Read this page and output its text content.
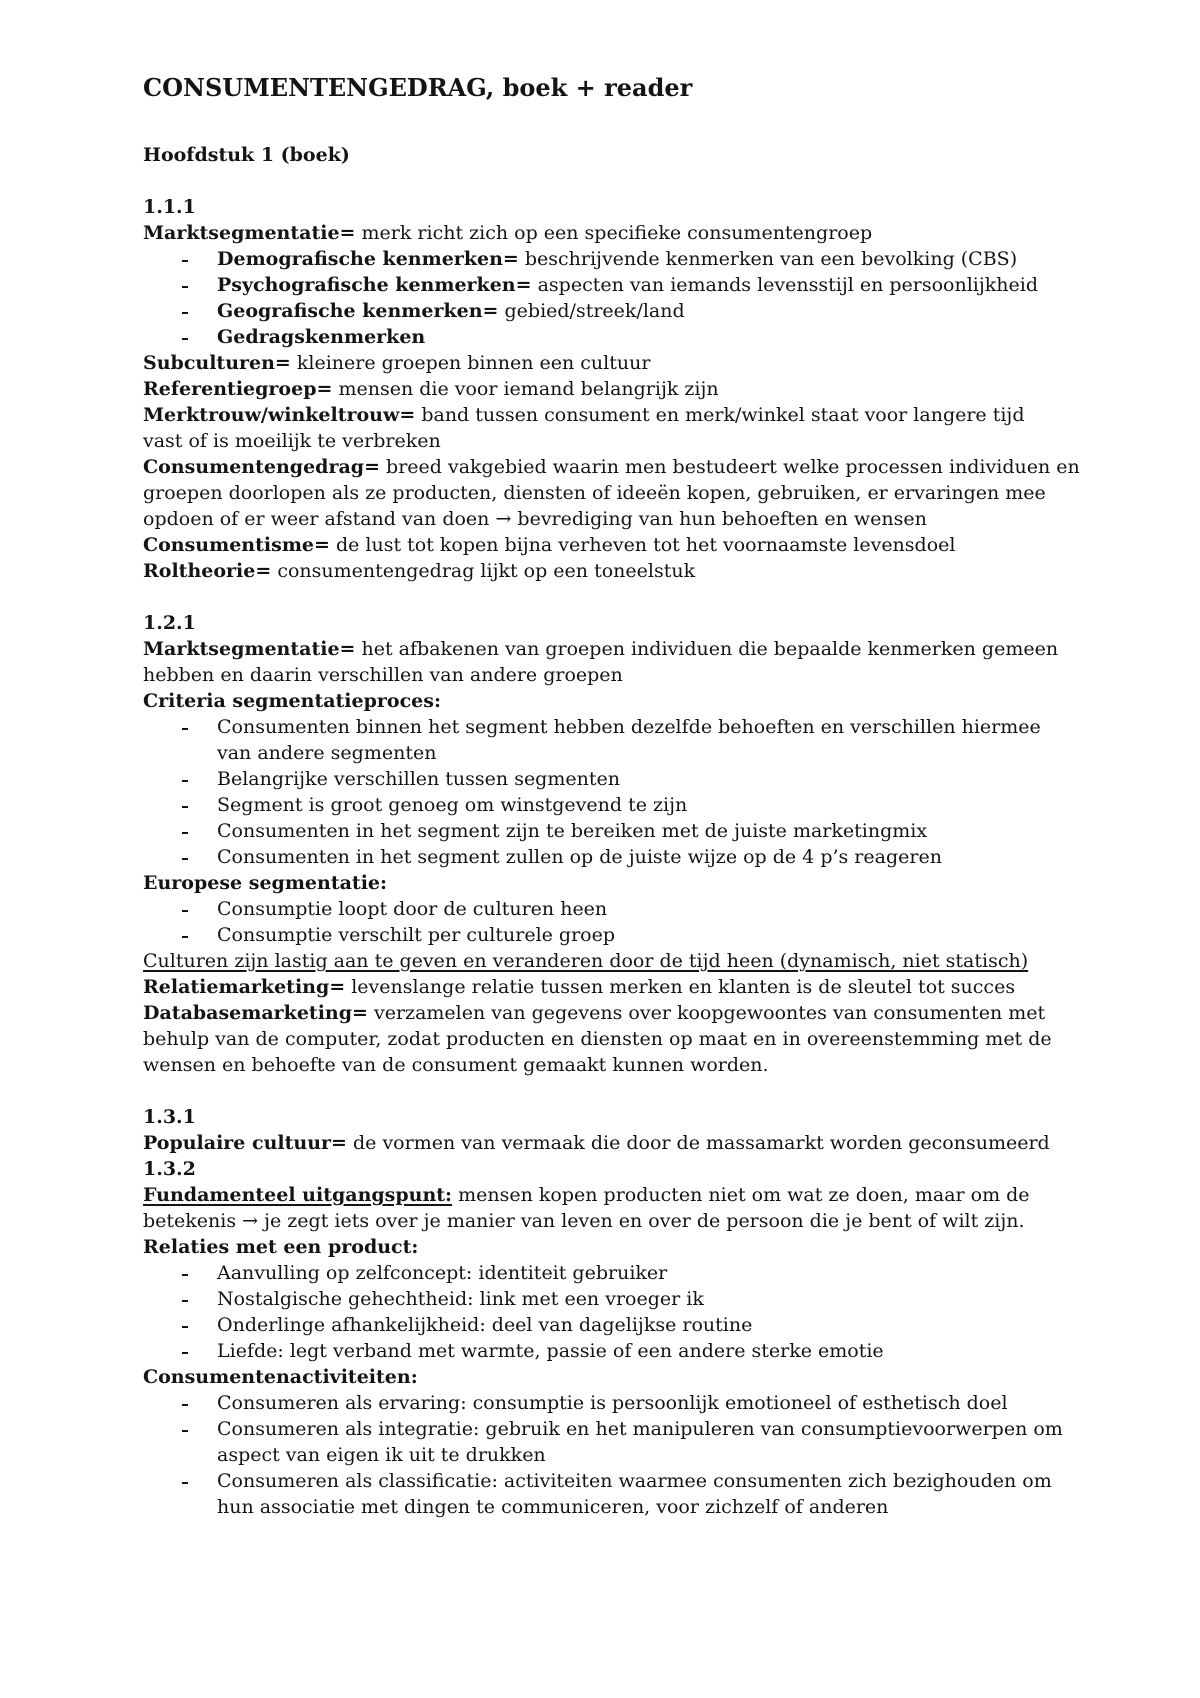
CONSUMENTENGEDRAG, boek + reader
Hoofdstuk 1 (boek)
1.1.1
Marktsegmentatie= merk richt zich op een specifieke consumentengroep
Demografische kenmerken= beschrijvende kenmerken van een bevolking (CBS)
Psychografische kenmerken= aspecten van iemands levensstijl en persoonlijkheid
Geografische kenmerken= gebied/streek/land
Gedragskenmerken
Subculturen= kleinere groepen binnen een cultuur
Referentiegroep= mensen die voor iemand belangrijk zijn
Merktrouw/winkeltrouw= band tussen consument en merk/winkel staat voor langere tijd
vast of is moeilijk te verbreken
Consumentengedrag= breed vakgebied waarin men bestudeert welke processen individuen en
groepen doorlopen als ze producten, diensten of ideeën kopen, gebruiken, er ervaringen mee
opdoen of er weer afstand van doen → bevrediging van hun behoeften en wensen
Consumentisme= de lust tot kopen bijna verheven tot het voornaamste levensdoel
Roltheorie= consumentengedrag lijkt op een toneelstuk
1.2.1
Marktsegmentatie= het afbakenen van groepen individuen die bepaalde kenmerken gemeen
hebben en daarin verschillen van andere groepen
Criteria segmentatieproces:
Consumenten binnen het segment hebben dezelfde behoeften en verschillen hiermee
van andere segmenten
Belangrijke verschillen tussen segmenten
Segment is groot genoeg om winstgevend te zijn
Consumenten in het segment zijn te bereiken met de juiste marketingmix
Consumenten in het segment zullen op de juiste wijze op de 4 p’s reageren
Europese segmentatie:
Consumptie loopt door de culturen heen
Consumptie verschilt per culturele groep
Culturen zijn lastig aan te geven en veranderen door de tijd heen (dynamisch, niet statisch)
Relatiemarketing= levenslange relatie tussen merken en klanten is de sleutel tot succes
Databasemarketing= verzamelen van gegevens over koopgewoontes van consumenten met
behulp van de computer, zodat producten en diensten op maat en in overeenstemming met de
wensen en behoefte van de consument gemaakt kunnen worden.
1.3.1
Populaire cultuur= de vormen van vermaak die door de massamarkt worden geconsumeerd
1.3.2
Fundamenteel uitgangspunt: mensen kopen producten niet om wat ze doen, maar om de
betekenis → je zegt iets over je manier van leven en over de persoon die je bent of wilt zijn.
Relaties met een product:
Aanvulling op zelfconcept: identiteit gebruiker
Nostalgische gehechtheid: link met een vroeger ik
Onderlinge afhankelijkheid: deel van dagelijkse routine
Liefde: legt verband met warmte, passie of een andere sterke emotie
Consumentenactiviteiten:
Consumeren als ervaring: consumptie is persoonlijk emotioneel of esthetisch doel
Consumeren als integratie: gebruik en het manipuleren van consumptievoorwerpen om
aspect van eigen ik uit te drukken
Consumeren als classificatie: activiteiten waarmee consumenten zich bezighouden om
hun associatie met dingen te communiceren, voor zichzelf of anderen
